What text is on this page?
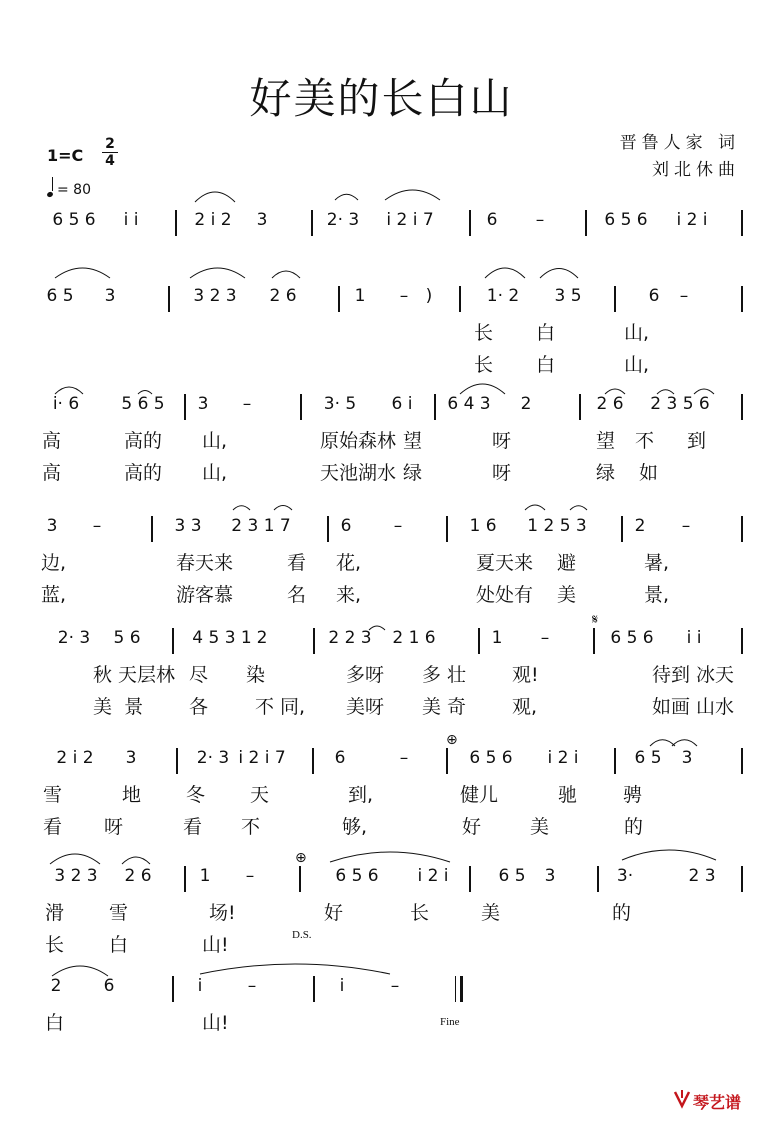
好美的长白山
晋鲁人家 词
刘北休曲
1=C
2
4
= 80
6 5 6	i i	2 i 2	3	2· 3	i 2 i 7	6	–	6 5 6	i 2 i
6 5	3	3 2 3	2 6	1	–	)	1· 2	3 5	6	–
长 白	山,
长 白	山,
i· 6	5 6 5	3	–	3· 5	6 i	6 4 3	2	2 6	2 3 5 6
高	高的 山,	原始森林 望	呀	望 不 到
高	高的 山,	天池湖水 绿	呀	绿 如
3	–	3 3	2 3 1 7	6	–	1 6	1 2 5 3	2	–
边,	春天来	看 花,	夏天来 避	暑,
蓝,	游客慕	名 来,	处处有 美	景,
2· 3	5 6	4 5 3 1 2	2 2 3	2 1 6	1	–	6 5 6	i i
秋 天层林 尽 染	多呀 多 壮 观!	待到 冰天
美  景 各 不 同, 美呀 美 奇 观,	如画 山水
2 i 2	3	2· 3 i 2 i 7	6	–	6 5 6	i 2 i	6 5	3
雪	地 冬 天	到,	健儿	驰 骋
看 呀	看 不	够,	好	美	的
3 2 3	2 6	1	–	6 5 6	i 2 i	6 5	3	3·	2 3
滑 雪	场!	好	美	的
长
长 白	山!
2	6	i	–	i	–
白	山!
琴艺谱
𝄋
⊕
⊕
D.S.
Fine
